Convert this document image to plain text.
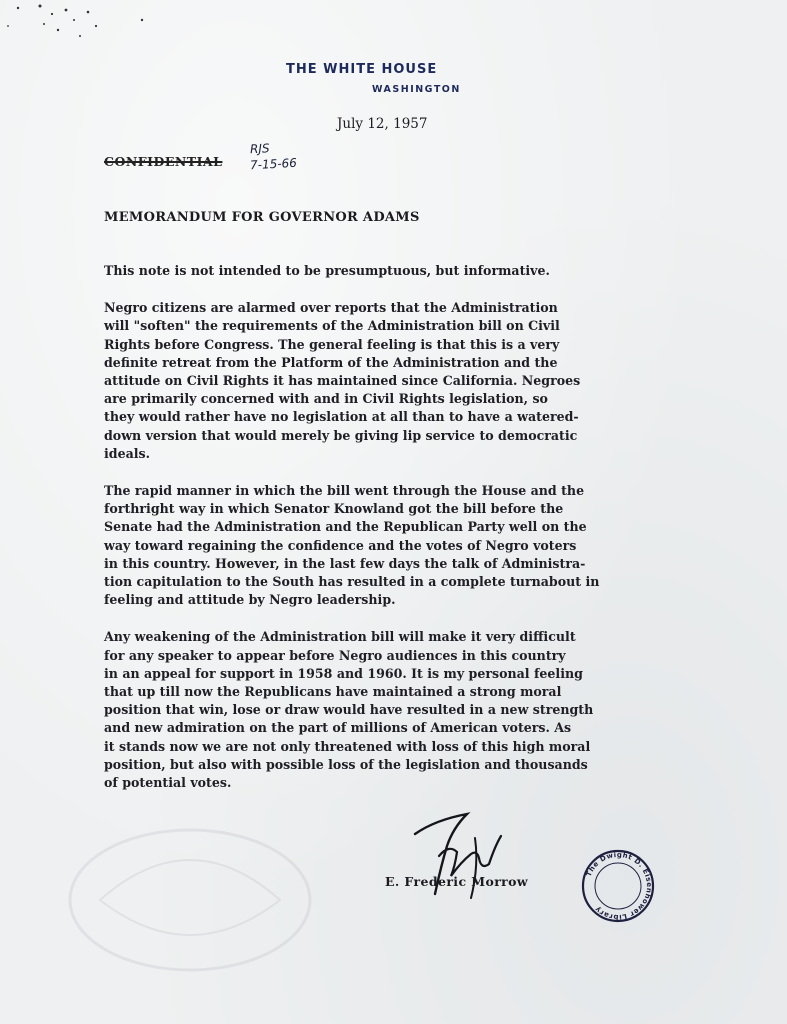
THE WHITE HOUSE
WASHINGTON
July 12, 1957
CONFIDENTIAL
RJS
7-15-66
MEMORANDUM FOR GOVERNOR ADAMS

This note is not intended to be presumptuous, but informative.

Negro citizens are alarmed over reports that the Administration
will "soften" the requirements of the Administration bill on Civil
Rights before Congress. The general feeling is that this is a very
definite retreat from the Platform of the Administration and the
attitude on Civil Rights it has maintained since California. Negroes
are primarily concerned with and in Civil Rights legislation, so
they would rather have no legislation at all than to have a watered-
down version that would merely be giving lip service to democratic
ideals.

The rapid manner in which the bill went through the House and the
forthright way in which Senator Knowland got the bill before the
Senate had the Administration and the Republican Party well on the
way toward regaining the confidence and the votes of Negro voters
in this country. However, in the last few days the talk of Administra-
tion capitulation to the South has resulted in a complete turnabout in
feeling and attitude by Negro leadership.

Any weakening of the Administration bill will make it very difficult
for any speaker to appear before Negro audiences in this country
in an appeal for support in 1958 and 1960. It is my personal feeling
that up till now the Republicans have maintained a strong moral
position that win, lose or draw would have resulted in a new strength
and new admiration on the part of millions of American voters. As
it stands now we are not only threatened with loss of this high moral
position, but also with possible loss of the legislation and thousands
of potential votes.

E. Frederic Morrow
The Dwight D. Eisenhower Library
